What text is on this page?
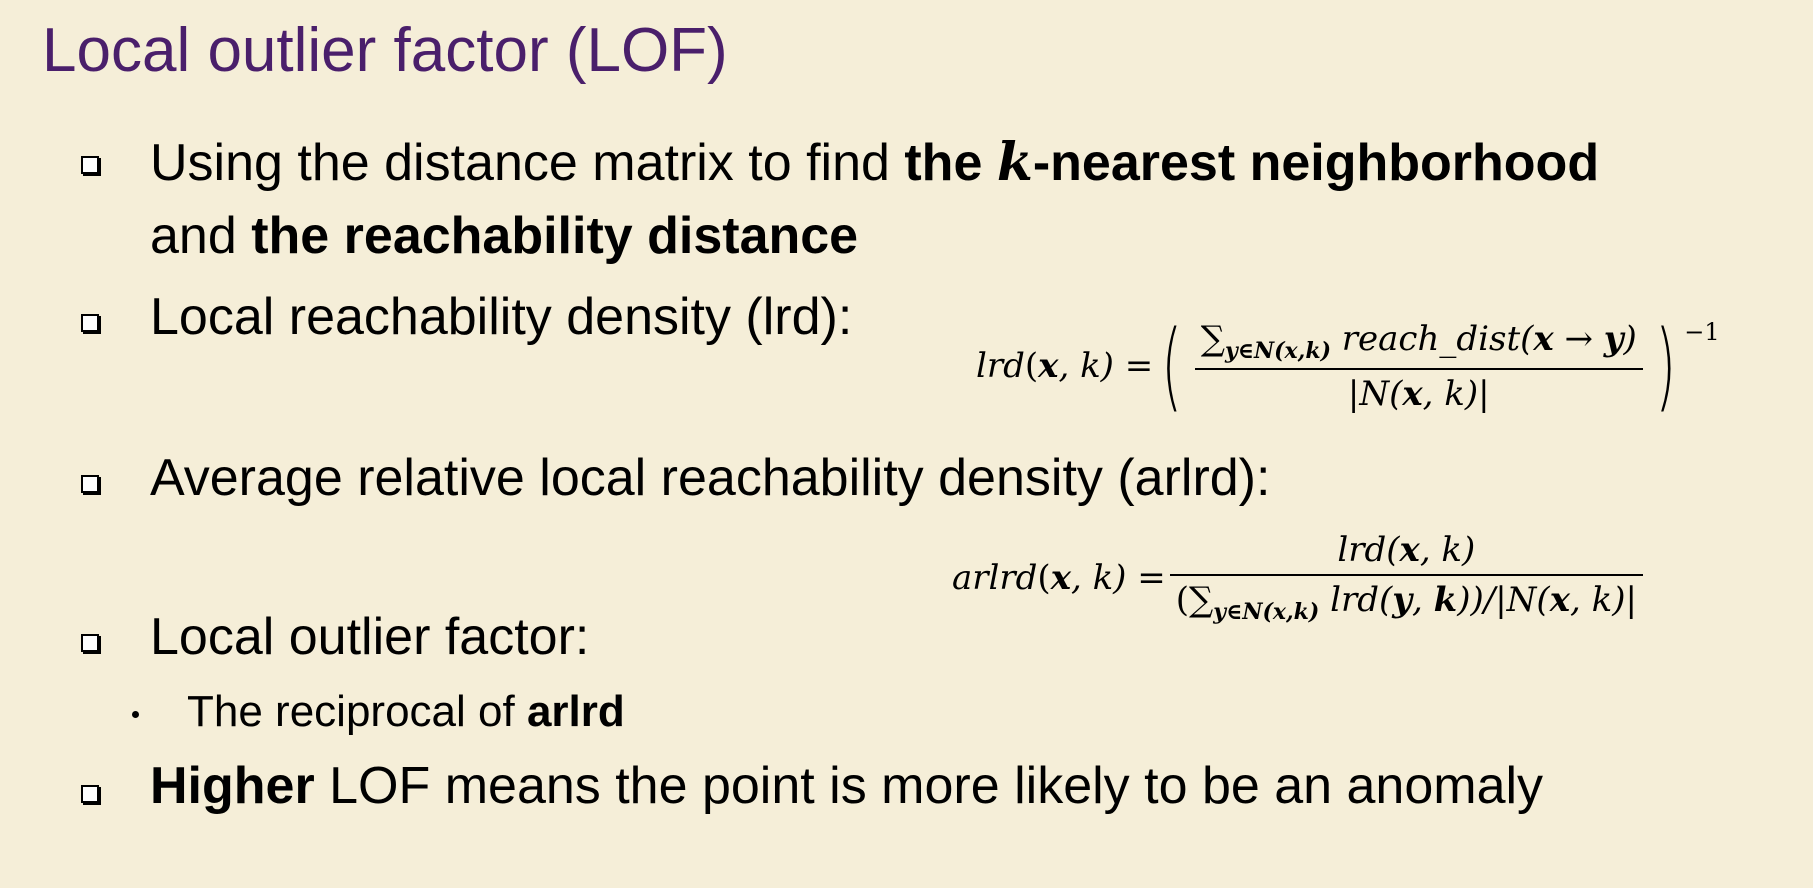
Local outlier factor (LOF)
Using the distance matrix to find the k-nearest neighborhood
and the reachability distance
Local reachability density (lrd):
lrd ( x , k) = ( $\frac{\sum_{y\in N(x,k)} reach\_dist(x \to y)}{|N(x, k)|}$ ) −1
Average relative local reachability density (arlrd):
arlrd ( x , $k) = \frac{\text{lrd(x, k)}}{(\sum_{y\in N(x,k)} lrd(y, k))/|N(x, k)|}$
Local outlier factor:
The reciprocal of arlrd
Higher LOF means the point is more likely to be an anomaly
